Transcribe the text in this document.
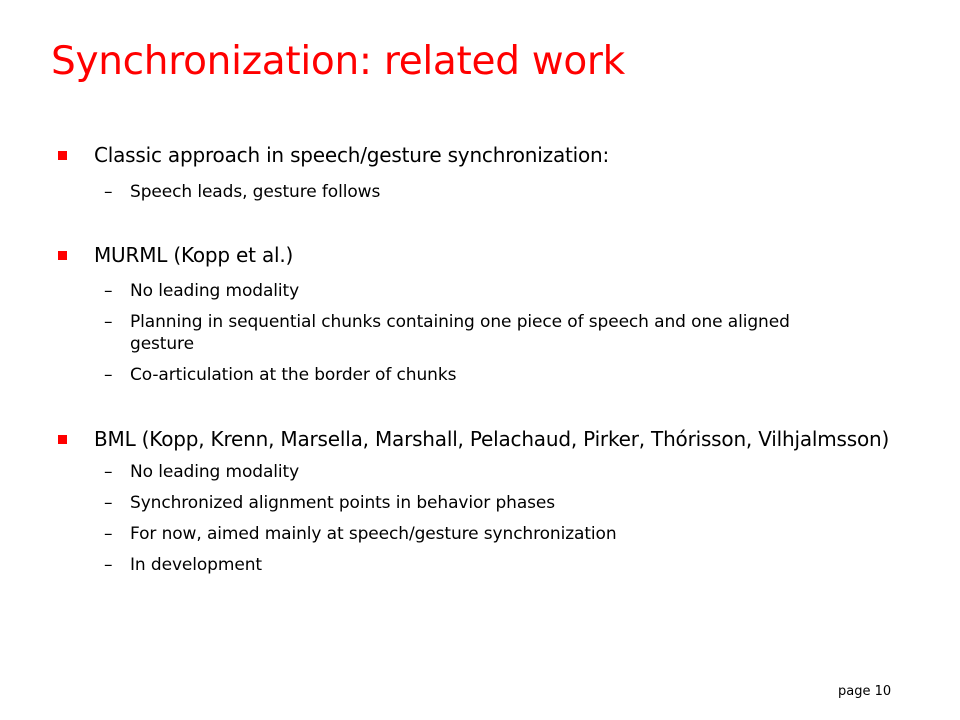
Synchronization: related work
Classic approach in speech/gesture synchronization:
– Speech leads, gesture follows
MURML (Kopp et al.)
– No leading modality
– Planning in sequential chunks containing one piece of speech and one aligned gesture
– Co-articulation at the border of chunks
BML (Kopp, Krenn, Marsella, Marshall, Pelachaud, Pirker, Thórisson, Vilhjalmsson)
– No leading modality
– Synchronized alignment points in behavior phases
– For now, aimed mainly at speech/gesture synchronization
– In development
page 10
